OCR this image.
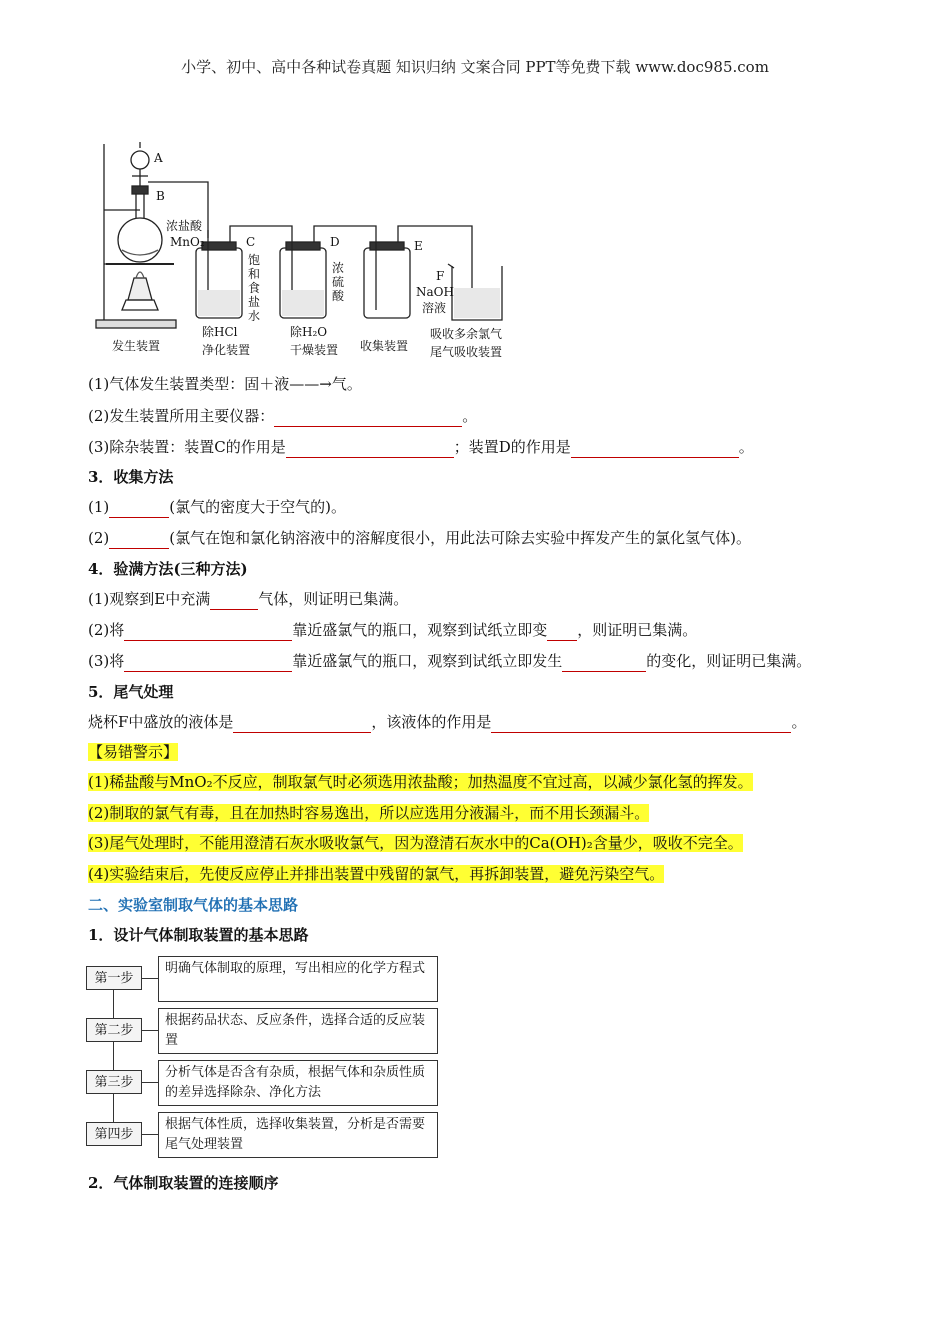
小学、初中、高中各种试卷真题 知识归纳 文案合同 PPT等免费下载 www.doc985.com
A
B
浓盐酸
MnO₂	C	D	E
F
饱
和
食
盐
水
浓
硫
酸	NaOH
溶液
发生装置
除HCl
净化装置
除H₂O
干燥装置 收集装置
吸收多余氯气
尾气吸收装置
(1)气体发生装置类型：固＋液——→气。
(2)发生装置所用主要仪器：	。
(3)除杂装置：装置C的作用是	；装置D的作用是	。
3．收集方法
(1)	(氯气的密度大于空气的)。
(2)	(氯气在饱和氯化钠溶液中的溶解度很小，用此法可除去实验中挥发产生的氯化氢气体)。
4．验满方法(三种方法)
(1)观察到E中充满	气体，则证明已集满。
(2)将	靠近盛氯气的瓶口，观察到试纸立即变 ，则证明已集满。
(3)将	靠近盛氯气的瓶口，观察到试纸立即发生	的变化，则证明已集满。
5．尾气处理
烧杯F中盛放的液体是	，该液体的作用是	。
【易错警示】
(1)稀盐酸与MnO₂不反应，制取氯气时必须选用浓盐酸；加热温度不宜过高，以减少氯化氢的挥发。
(2)制取的氯气有毒，且在加热时容易逸出，所以应选用分液漏斗，而不用长颈漏斗。
(3)尾气处理时，不能用澄清石灰水吸收氯气，因为澄清石灰水中的Ca(OH)₂含量少，吸收不完全。
(4)实验结束后，先使反应停止并排出装置中残留的氯气，再拆卸装置，避免污染空气。
二、实验室制取气体的基本思路
1．设计气体制取装置的基本思路
第一步
明确气体制取的原理，写出相应的化学方程式
第二步
根据药品状态、反应条件，选择合适的反应装置
第三步
分析气体是否含有杂质，根据气体和杂质性质的差异选择除杂、净化方法
第四步
根据气体性质，选择收集装置，分析是否需要尾气处理装置
2．气体制取装置的连接顺序
